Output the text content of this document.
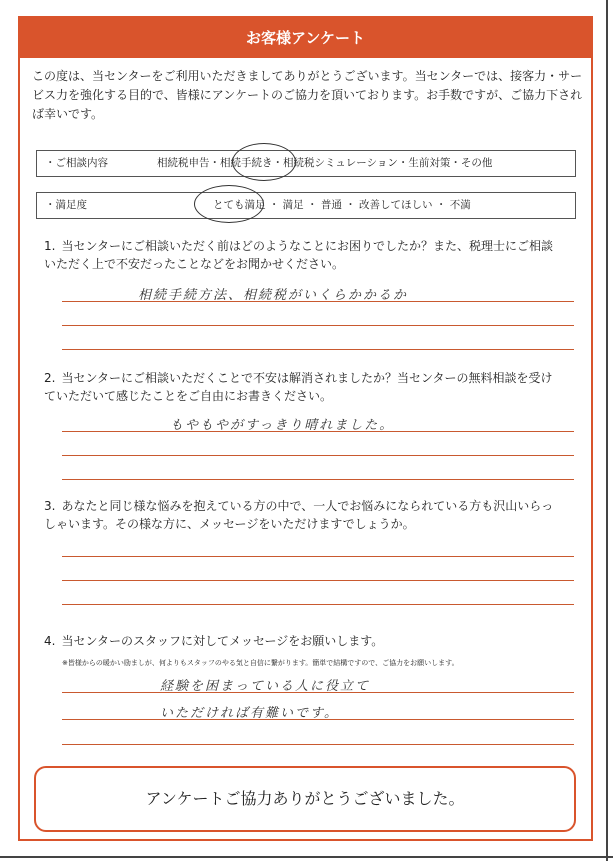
お客様アンケート
この度は、当センターをご利用いただきましてありがとうございます。当センターでは、接客力・サービス力を強化する目的で、皆様にアンケートのご協力を頂いております。お手数ですが、ご協力下されば幸いです。
・ご相談内容	相続税申告・相続手続き・相続税シミュレーション・生前対策・その他
・満足度	とても満足 ・ 満足 ・ 普通 ・ 改善してほしい ・ 不満
1. 当センターにご相談いただく前はどのようなことにお困りでしたか？また、税理士にご相談いただく上で不安だったことなどをお聞かせください。
相続手続方法、相続税がいくらかかるか
2. 当センターにご相談いただくことで不安は解消されましたか？当センターの無料相談を受けていただいて感じたことをご自由にお書きください。
もやもやがすっきり晴れました。
3. あなたと同じ様な悩みを抱えている方の中で、一人でお悩みになられている方も沢山いらっしゃいます。その様な方に、メッセージをいただけますでしょうか。
4. 当センターのスタッフに対してメッセージをお願いします。
※皆様からの暖かい励ましが、何よりもスタッフのやる気と自信に繋がります。簡単で結構ですので、ご協力をお願いします。
経験を困まっている人に役立て
いただければ有難いです。
アンケートご協力ありがとうございました。
